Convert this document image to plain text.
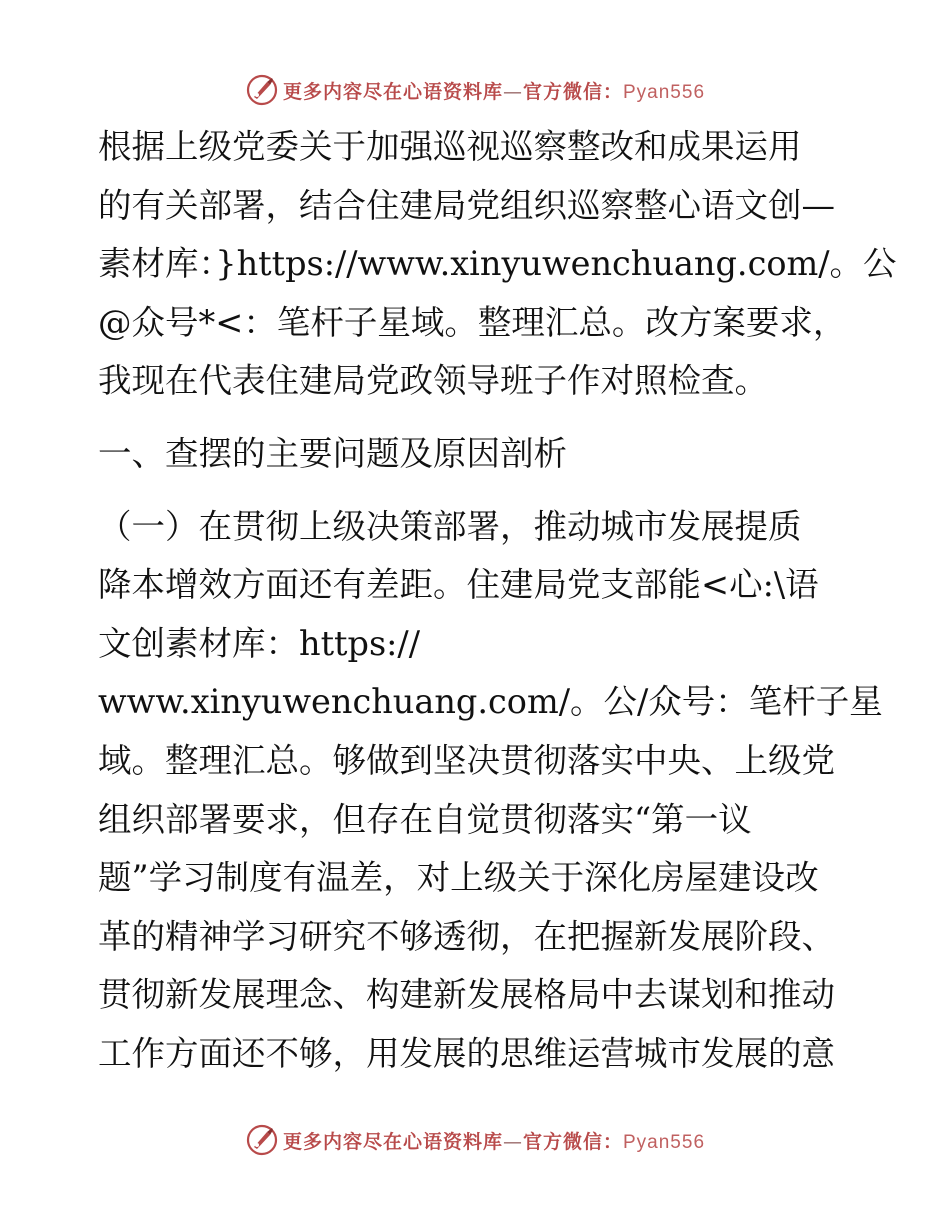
更多内容尽在心语资料库—官方微信：Pyan556
根据上级党委关于加强巡视巡察整改和成果运用
的有关部署，结合住建局党组织巡察整心语文创—
素材库：}https://www.xinyuwenchuang.com/。公
@众号*<：笔杆子星域。整理汇总。改方案要求，
我现在代表住建局党政领导班子作对照检查。
一、查摆的主要问题及原因剖析
（一）在贯彻上级决策部署，推动城市发展提质
降本增效方面还有差距。住建局党支部能<心:\语
文创素材库：https://
www.xinyuwenchuang.com/。公/众号：笔杆子星
域。整理汇总。够做到坚决贯彻落实中央、上级党
组织部署要求，但存在自觉贯彻落实“第一议
题”学习制度有温差，对上级关于深化房屋建设改
革的精神学习研究不够透彻，在把握新发展阶段、
贯彻新发展理念、构建新发展格局中去谋划和推动
工作方面还不够，用发展的思维运营城市发展的意
更多内容尽在心语资料库—官方微信：Pyan556
